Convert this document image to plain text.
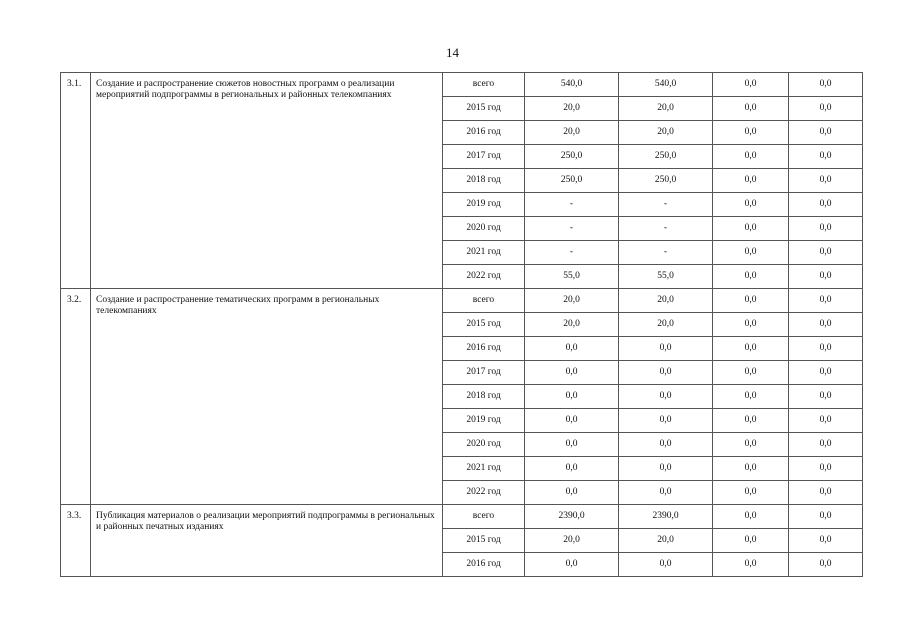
14
3.1.	Создание и распространение сюжетов новостных программ о реализации мероприятий подпрограммы в региональных и районных телекомпаниях	всего	540,0	540,0	0,0	0,0
		2015 год	20,0	20,0	0,0	0,0
		2016 год	20,0	20,0	0,0	0,0
		2017 год	250,0	250,0	0,0	0,0
		2018 год	250,0	250,0	0,0	0,0
		2019 год	-	-	0,0	0,0
		2020 год	-	-	0,0	0,0
		2021 год	-	-	0,0	0,0
		2022 год	55,0	55,0	0,0	0,0
3.2.	Создание и распространение тематических программ в региональных телекомпаниях	всего	20,0	20,0	0,0	0,0
		2015 год	20,0	20,0	0,0	0,0
		2016 год	0,0	0,0	0,0	0,0
		2017 год	0,0	0,0	0,0	0,0
		2018 год	0,0	0,0	0,0	0,0
		2019 год	0,0	0,0	0,0	0,0
		2020 год	0,0	0,0	0,0	0,0
		2021 год	0,0	0,0	0,0	0,0
		2022 год	0,0	0,0	0,0	0,0
3.3.	Публикация материалов о реализации мероприятий подпрограммы в региональных и районных печатных изданиях	всего	2390,0	2390,0	0,0	0,0
		2015 год	20,0	20,0	0,0	0,0
		2016 год	0,0	0,0	0,0	0,0
